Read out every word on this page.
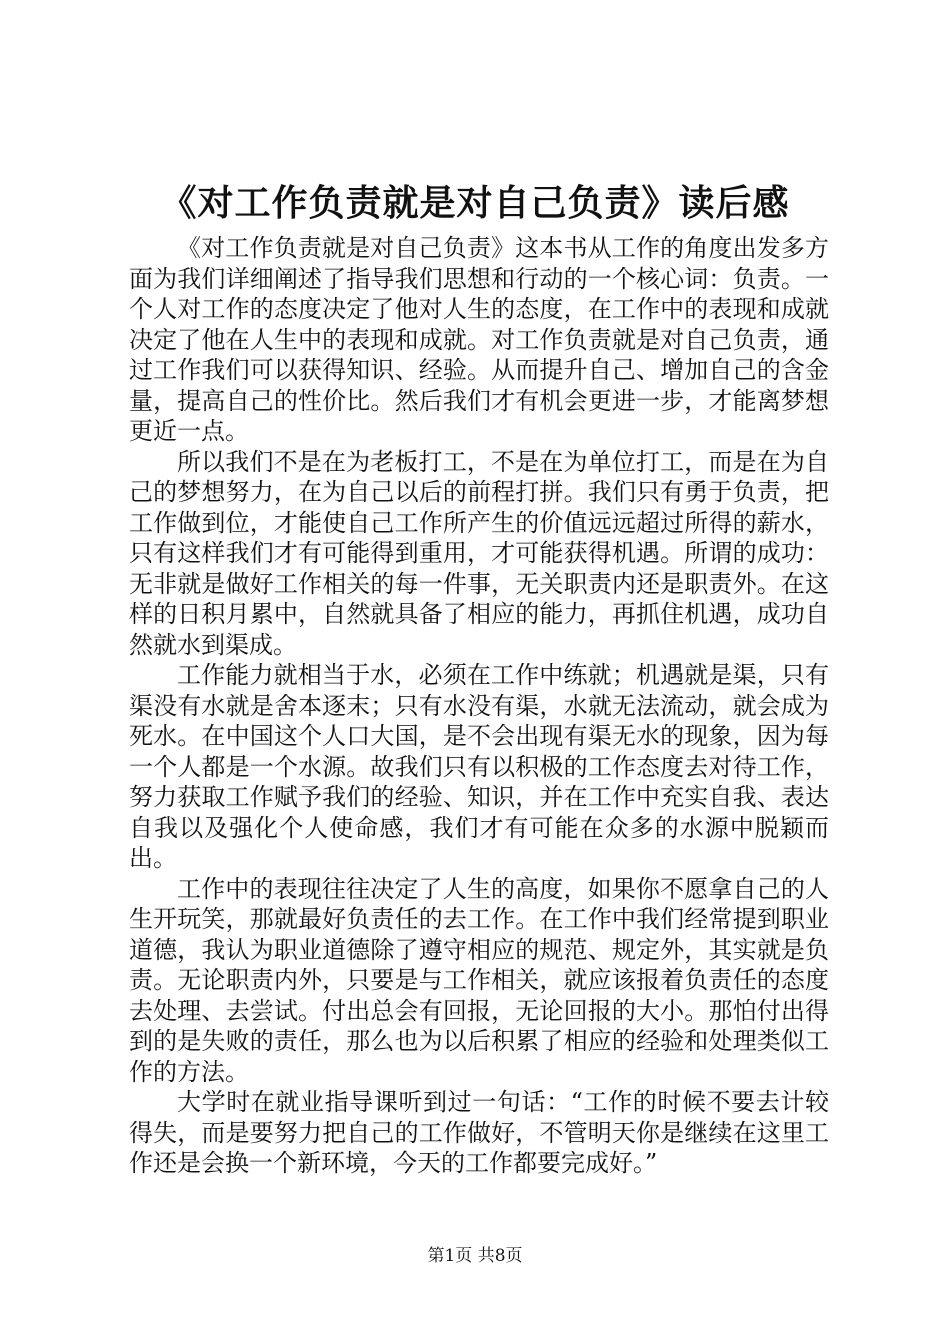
《对工作负责就是对自己负责》读后感

《对工作负责就是对自己负责》这本书从工作的角度出发多方面为我们详细阐述了指导我们思想和行动的一个核心词：负责。一个人对工作的态度决定了他对人生的态度，在工作中的表现和成就决定了他在人生中的表现和成就。对工作负责就是对自己负责，通过工作我们可以获得知识、经验。从而提升自己、增加自己的含金量，提高自己的性价比。然后我们才有机会更进一步，才能离梦想更近一点。

所以我们不是在为老板打工，不是在为单位打工，而是在为自己的梦想努力，在为自己以后的前程打拼。我们只有勇于负责，把工作做到位，才能使自己工作所产生的价值远远超过所得的薪水，只有这样我们才有可能得到重用，才可能获得机遇。所谓的成功：无非就是做好工作相关的每一件事，无关职责内还是职责外。在这样的日积月累中，自然就具备了相应的能力，再抓住机遇，成功自然就水到渠成。

工作能力就相当于水，必须在工作中练就；机遇就是渠，只有渠没有水就是舍本逐末；只有水没有渠，水就无法流动，就会成为死水。在中国这个人口大国，是不会出现有渠无水的现象，因为每一个人都是一个水源。故我们只有以积极的工作态度去对待工作，努力获取工作赋予我们的经验、知识，并在工作中充实自我、表达自我以及强化个人使命感，我们才有可能在众多的水源中脱颖而出。

工作中的表现往往决定了人生的高度，如果你不愿拿自己的人生开玩笑，那就最好负责任的去工作。在工作中我们经常提到职业道德，我认为职业道德除了遵守相应的规范、规定外，其实就是负责。无论职责内外，只要是与工作相关，就应该报着负责任的态度去处理、去尝试。付出总会有回报，无论回报的大小。那怕付出得到的是失败的责任，那么也为以后积累了相应的经验和处理类似工作的方法。

大学时在就业指导课听到过一句话：“工作的时候不要去计较得失，而是要努力把自己的工作做好，不管明天你是继续在这里工作还是会换一个新环境，今天的工作都要完成好。”

第1页 共8页
